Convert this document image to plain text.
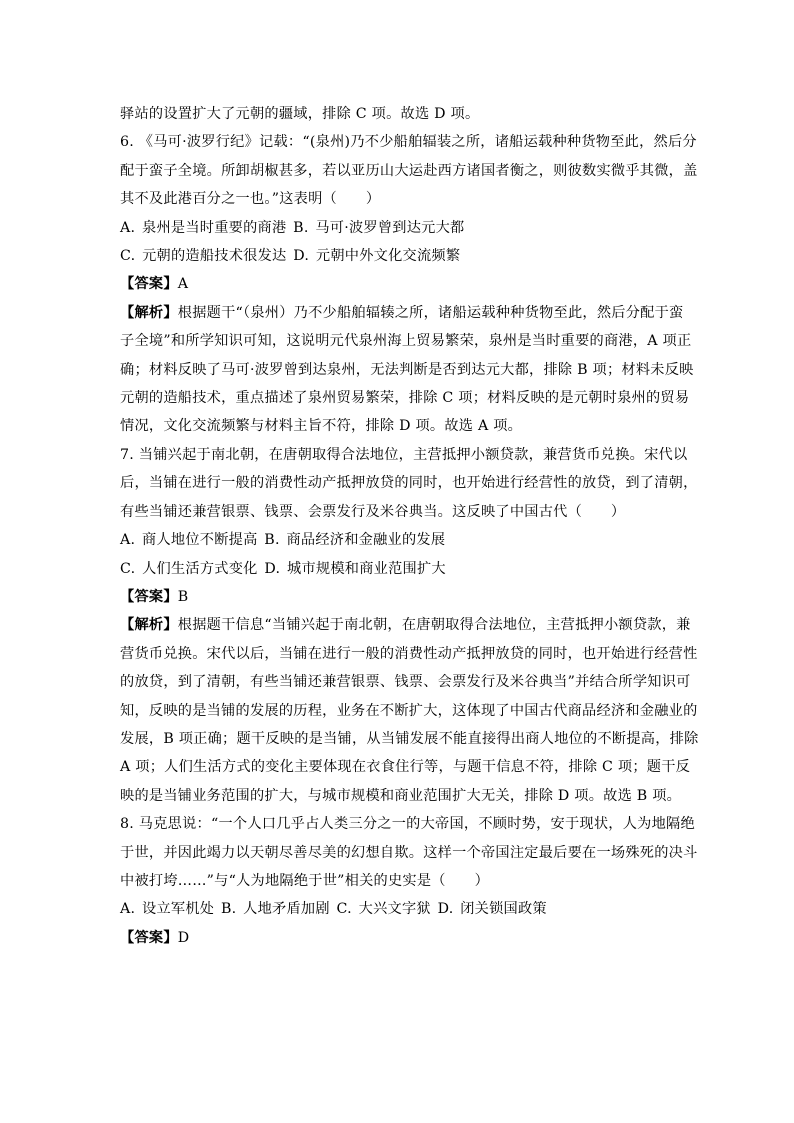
驿站的设置扩大了元朝的疆域，排除 C 项。故选 D 项。
6. 《马可·波罗行纪》记载：“(泉州)乃不少船舶辐装之所，诸船运载种种货物至此，然后分
配于蛮子全境。所卸胡椒甚多，若以亚历山大运赴西方诸国者衡之，则彼数实微乎其微，盖
其不及此港百分之一也。”这表明（　　）
A. 泉州是当时重要的商港 B. 马可·波罗曾到达元大都
C. 元朝的造船技术很发达 D. 元朝中外文化交流频繁
【答案】A
【解析】根据题干“（泉州）乃不少船舶辐辏之所，诸船运载种种货物至此，然后分配于蛮
子全境”和所学知识可知，这说明元代泉州海上贸易繁荣，泉州是当时重要的商港，A 项正
确；材料反映了马可·波罗曾到达泉州，无法判断是否到达元大都，排除 B 项；材料未反映
元朝的造船技术，重点描述了泉州贸易繁荣，排除 C 项；材料反映的是元朝时泉州的贸易
情况，文化交流频繁与材料主旨不符，排除 D 项。故选 A 项。
7. 当铺兴起于南北朝，在唐朝取得合法地位，主营抵押小额贷款，兼营货币兑换。宋代以
后，当铺在进行一般的消费性动产抵押放贷的同时，也开始进行经营性的放贷，到了清朝，
有些当铺还兼营银票、钱票、会票发行及米谷典当。这反映了中国古代（　　）
A. 商人地位不断提高 B. 商品经济和金融业的发展
C. 人们生活方式变化 D. 城市规模和商业范围扩大
【答案】B
【解析】根据题干信息“当铺兴起于南北朝，在唐朝取得合法地位，主营抵押小额贷款，兼
营货币兑换。宋代以后，当铺在进行一般的消费性动产抵押放贷的同时，也开始进行经营性
的放贷，到了清朝，有些当铺还兼营银票、钱票、会票发行及米谷典当”并结合所学知识可
知，反映的是当铺的发展的历程，业务在不断扩大，这体现了中国古代商品经济和金融业的
发展，B 项正确；题干反映的是当铺，从当铺发展不能直接得出商人地位的不断提高，排除
A 项；人们生活方式的变化主要体现在衣食住行等，与题干信息不符，排除 C 项；题干反
映的是当铺业务范围的扩大，与城市规模和商业范围扩大无关，排除 D 项。故选 B 项。
8. 马克思说：“一个人口几乎占人类三分之一的大帝国，不顾时势，安于现状，人为地隔绝
于世，并因此竭力以天朝尽善尽美的幻想自欺。这样一个帝国注定最后要在一场殊死的决斗
中被打垮……”与“人为地隔绝于世”相关的史实是（　　）
A. 设立军机处 B. 人地矛盾加剧 C. 大兴文字狱 D. 闭关锁国政策
【答案】D
